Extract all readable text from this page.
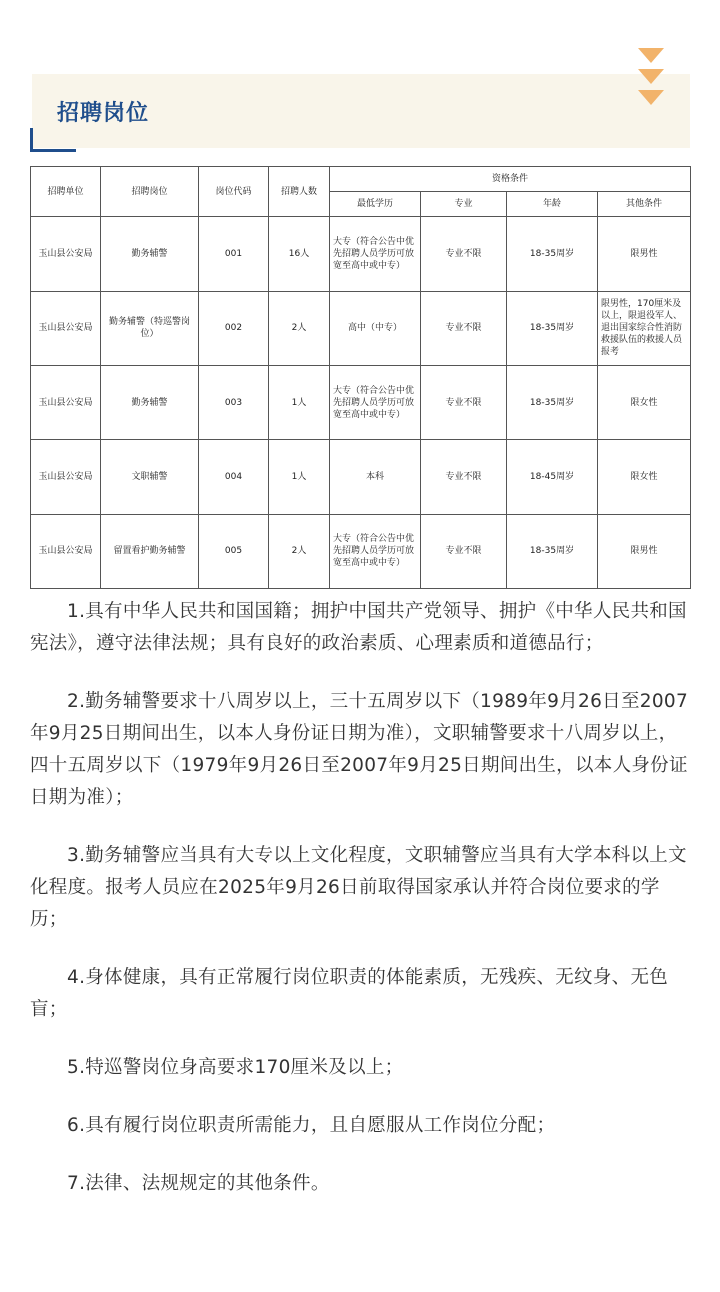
招聘岗位
招聘单位	招聘岗位	岗位代码	招聘人数	资格条件			
				最低学历	专业	年龄	其他条件
玉山县公安局	勤务辅警	001	16人	大专（符合公告中优先招聘人员学历可放宽至高中或中专）	专业不限	18-35周岁	限男性
玉山县公安局	勤务辅警（特巡警岗位）	002	2人	高中（中专）	专业不限	18-35周岁	限男性，170厘米及以上，限退役军人、退出国家综合性消防救援队伍的救援人员报考
玉山县公安局	勤务辅警	003	1人	大专（符合公告中优先招聘人员学历可放宽至高中或中专）	专业不限	18-35周岁	限女性
玉山县公安局	文职辅警	004	1人	本科	专业不限	18-45周岁	限女性
玉山县公安局	留置看护勤务辅警	005	2人	大专（符合公告中优先招聘人员学历可放宽至高中或中专）	专业不限	18-35周岁	限男性

1.具有中华人民共和国国籍；拥护中国共产党领导、拥护《中华人民共和国宪法》，遵守法律法规；具有良好的政治素质、心理素质和道德品行；

2.勤务辅警要求十八周岁以上，三十五周岁以下（1989年9月26日至2007年9月25日期间出生，以本人身份证日期为准），文职辅警要求十八周岁以上，四十五周岁以下（1979年9月26日至2007年9月25日期间出生，以本人身份证日期为准）；

3.勤务辅警应当具有大专以上文化程度，文职辅警应当具有大学本科以上文化程度。报考人员应在2025年9月26日前取得国家承认并符合岗位要求的学历；

4.身体健康，具有正常履行岗位职责的体能素质，无残疾、无纹身、无色盲；

5.特巡警岗位身高要求170厘米及以上；

6.具有履行岗位职责所需能力，且自愿服从工作岗位分配；

7.法律、法规规定的其他条件。
